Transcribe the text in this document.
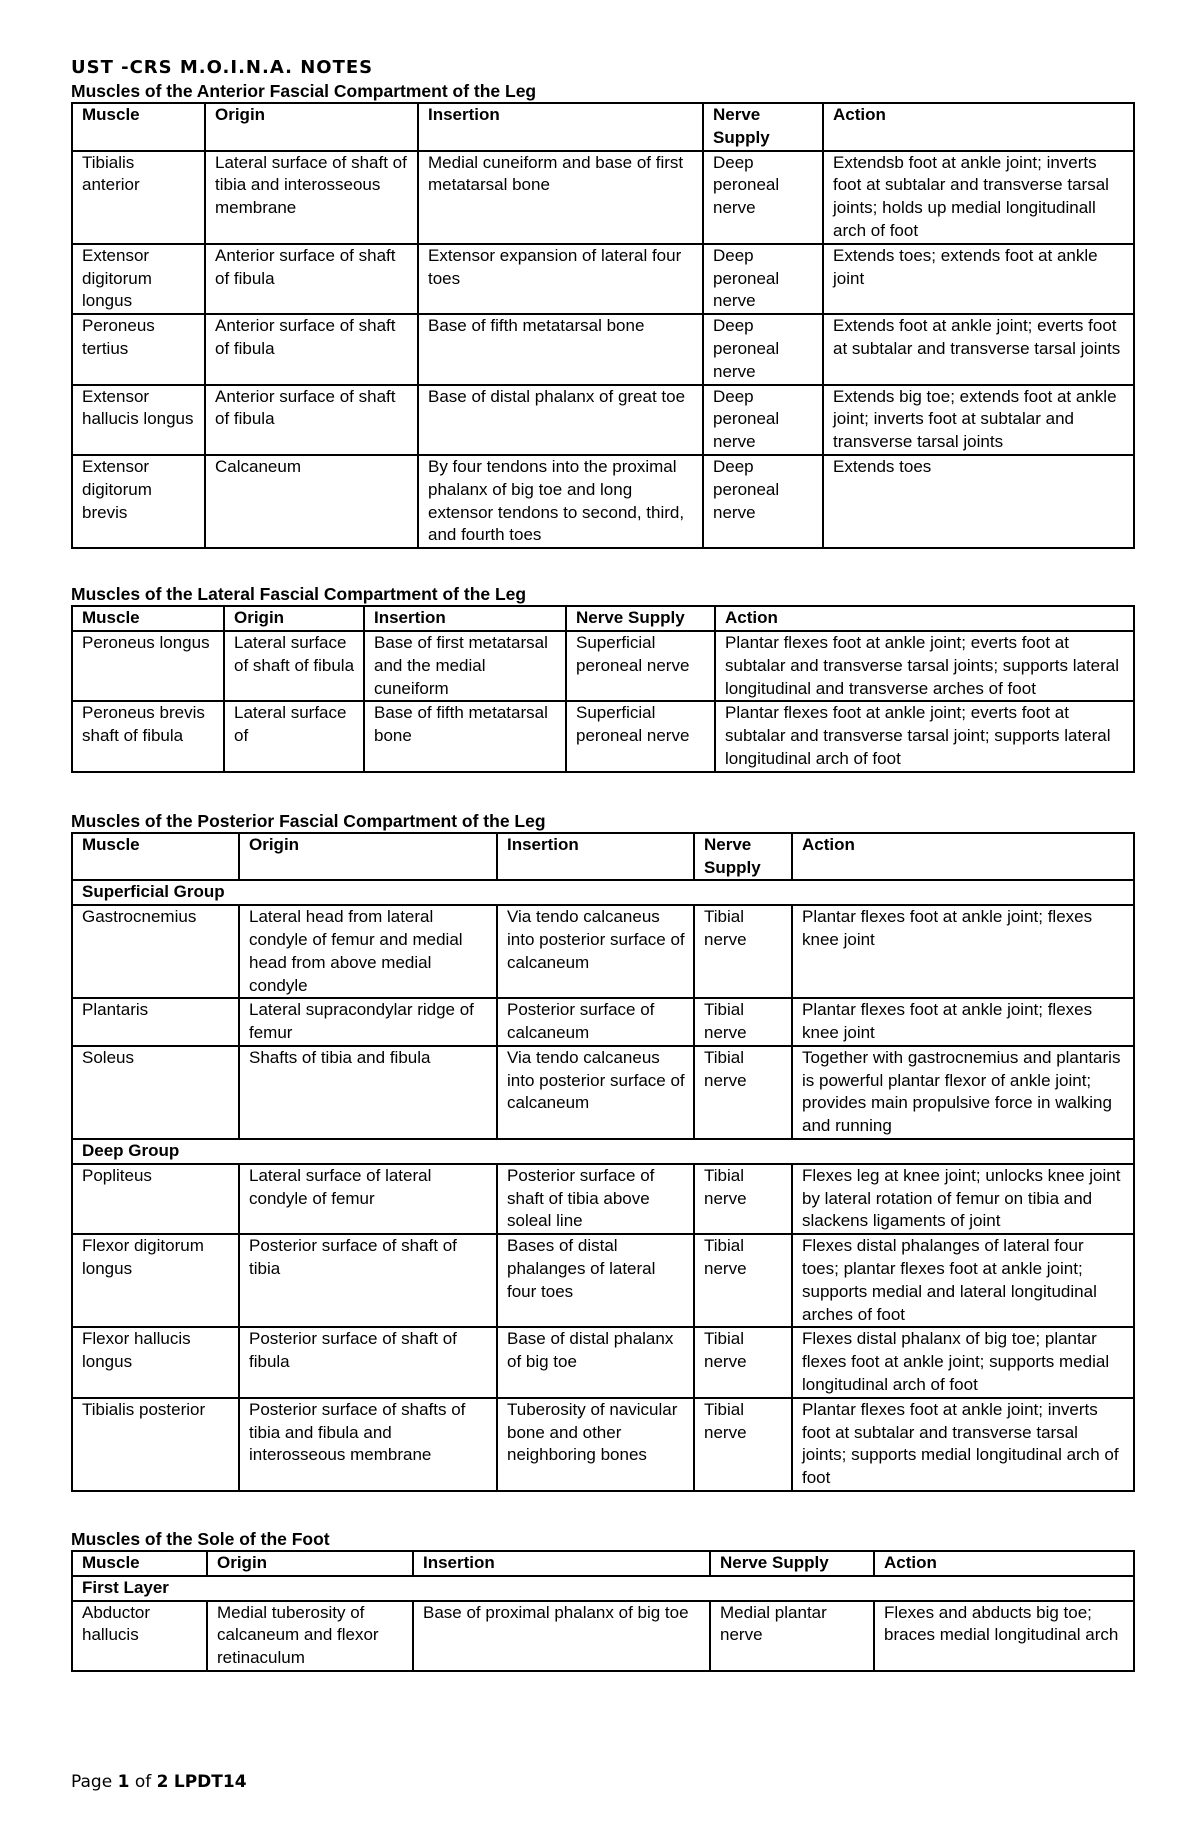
UST -CRS M.O.I.N.A. NOTES
Muscles of the Anterior Fascial Compartment of the Leg
Muscle	Origin	Insertion	Nerve Supply	Action
Tibialis anterior	Lateral surface of shaft of tibia and interosseous membrane	Medial cuneiform and base of first metatarsal bone	Deep peroneal nerve	Extendsb foot at ankle joint; inverts foot at subtalar and transverse tarsal joints; holds up medial longitudinall arch of foot
Extensor digitorum longus	Anterior surface of shaft of fibula	Extensor expansion of lateral four toes	Deep peroneal nerve	Extends toes; extends foot at ankle joint
Peroneus tertius	Anterior surface of shaft of fibula	Base of fifth metatarsal bone	Deep peroneal nerve	Extends foot at ankle joint; everts foot at subtalar and transverse tarsal joints
Extensor hallucis longus	Anterior surface of shaft of fibula	Base of distal phalanx of great toe	Deep peroneal nerve	Extends big toe; extends foot at ankle joint; inverts foot at subtalar and transverse tarsal joints
Extensor digitorum brevis	Calcaneum	By four tendons into the proximal phalanx of big toe and long extensor tendons to second, third, and fourth toes	Deep peroneal nerve	Extends toes
Muscles of the Lateral Fascial Compartment of the Leg
Muscle	Origin	Insertion	Nerve Supply	Action
Peroneus longus	Lateral surface of shaft of fibula	Base of first metatarsal and the medial cuneiform	Superficial peroneal nerve	Plantar flexes foot at ankle joint; everts foot at subtalar and transverse tarsal joints; supports lateral longitudinal and transverse arches of foot
Peroneus brevis shaft of fibula	Lateral surface of	Base of fifth metatarsal bone	Superficial peroneal nerve	Plantar flexes foot at ankle joint; everts foot at subtalar and transverse tarsal joint; supports lateral longitudinal arch of foot
Muscles of the Posterior Fascial Compartment of the Leg
Muscle	Origin	Insertion	Nerve Supply	Action
Superficial Group				
Gastrocnemius	Lateral head from lateral condyle of femur and medial head from above medial condyle	Via tendo calcaneus into posterior surface of calcaneum	Tibial nerve	Plantar flexes foot at ankle joint; flexes knee joint
Plantaris	Lateral supracondylar ridge of femur	Posterior surface of calcaneum	Tibial nerve	Plantar flexes foot at ankle joint; flexes knee joint
Soleus	Shafts of tibia and fibula	Via tendo calcaneus into posterior surface of calcaneum	Tibial nerve	Together with gastrocnemius and plantaris is powerful plantar flexor of ankle joint; provides main propulsive force in walking and running
Deep Group				
Popliteus	Lateral surface of lateral condyle of femur	Posterior surface of shaft of tibia above soleal line	Tibial nerve	Flexes leg at knee joint; unlocks knee joint by lateral rotation of femur on tibia and slackens ligaments of joint
Flexor digitorum longus	Posterior surface of shaft of tibia	Bases of distal phalanges of lateral four toes	Tibial nerve	Flexes distal phalanges of lateral four toes; plantar flexes foot at ankle joint; supports medial and lateral longitudinal arches of foot
Flexor hallucis longus	Posterior surface of shaft of fibula	Base of distal phalanx of big toe	Tibial nerve	Flexes distal phalanx of big toe; plantar flexes foot at ankle joint; supports medial longitudinal arch of foot
Tibialis posterior	Posterior surface of shafts of tibia and fibula and interosseous membrane	Tuberosity of navicular bone and other neighboring bones	Tibial nerve	Plantar flexes foot at ankle joint; inverts foot at subtalar and transverse tarsal joints; supports medial longitudinal arch of foot
Muscles of the Sole of the Foot
Muscle	Origin	Insertion	Nerve Supply	Action
First Layer				
Abductor hallucis	Medial tuberosity of calcaneum and flexor retinaculum	Base of proximal phalanx of big toe	Medial plantar nerve	Flexes and abducts big toe; braces medial longitudinal arch
Page 1 of 2 LPDT14
